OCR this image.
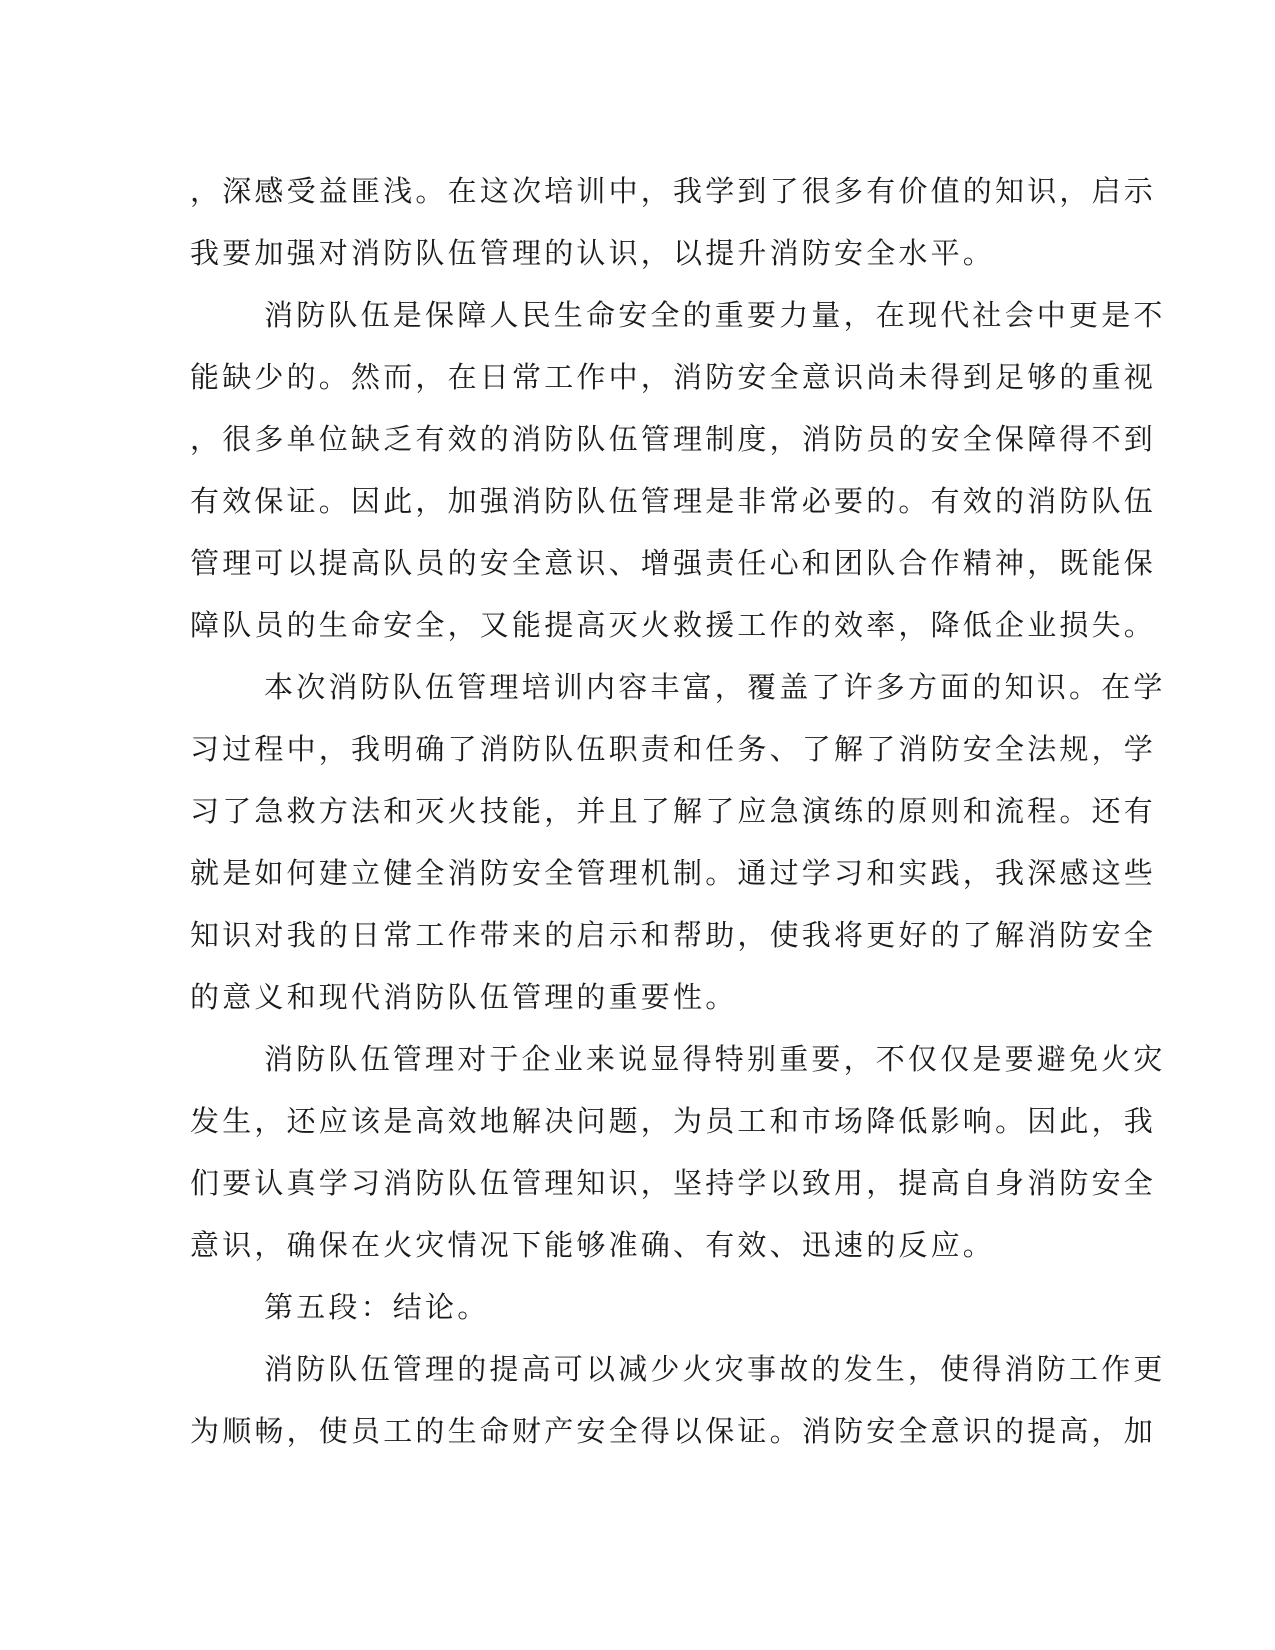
，深感受益匪浅。在这次培训中，我学到了很多有价值的知识，启示
我要加强对消防队伍管理的认识，以提升消防安全水平。
消防队伍是保障人民生命安全的重要力量，在现代社会中更是不
能缺少的。然而，在日常工作中，消防安全意识尚未得到足够的重视
，很多单位缺乏有效的消防队伍管理制度，消防员的安全保障得不到
有效保证。因此，加强消防队伍管理是非常必要的。有效的消防队伍
管理可以提高队员的安全意识、增强责任心和团队合作精神，既能保
障队员的生命安全，又能提高灭火救援工作的效率，降低企业损失。
本次消防队伍管理培训内容丰富，覆盖了许多方面的知识。在学
习过程中，我明确了消防队伍职责和任务、了解了消防安全法规，学
习了急救方法和灭火技能，并且了解了应急演练的原则和流程。还有
就是如何建立健全消防安全管理机制。通过学习和实践，我深感这些
知识对我的日常工作带来的启示和帮助，使我将更好的了解消防安全
的意义和现代消防队伍管理的重要性。
消防队伍管理对于企业来说显得特别重要，不仅仅是要避免火灾
发生，还应该是高效地解决问题，为员工和市场降低影响。因此，我
们要认真学习消防队伍管理知识，坚持学以致用，提高自身消防安全
意识，确保在火灾情况下能够准确、有效、迅速的反应。
第五段：结论。
消防队伍管理的提高可以减少火灾事故的发生，使得消防工作更
为顺畅，使员工的生命财产安全得以保证。消防安全意识的提高，加
